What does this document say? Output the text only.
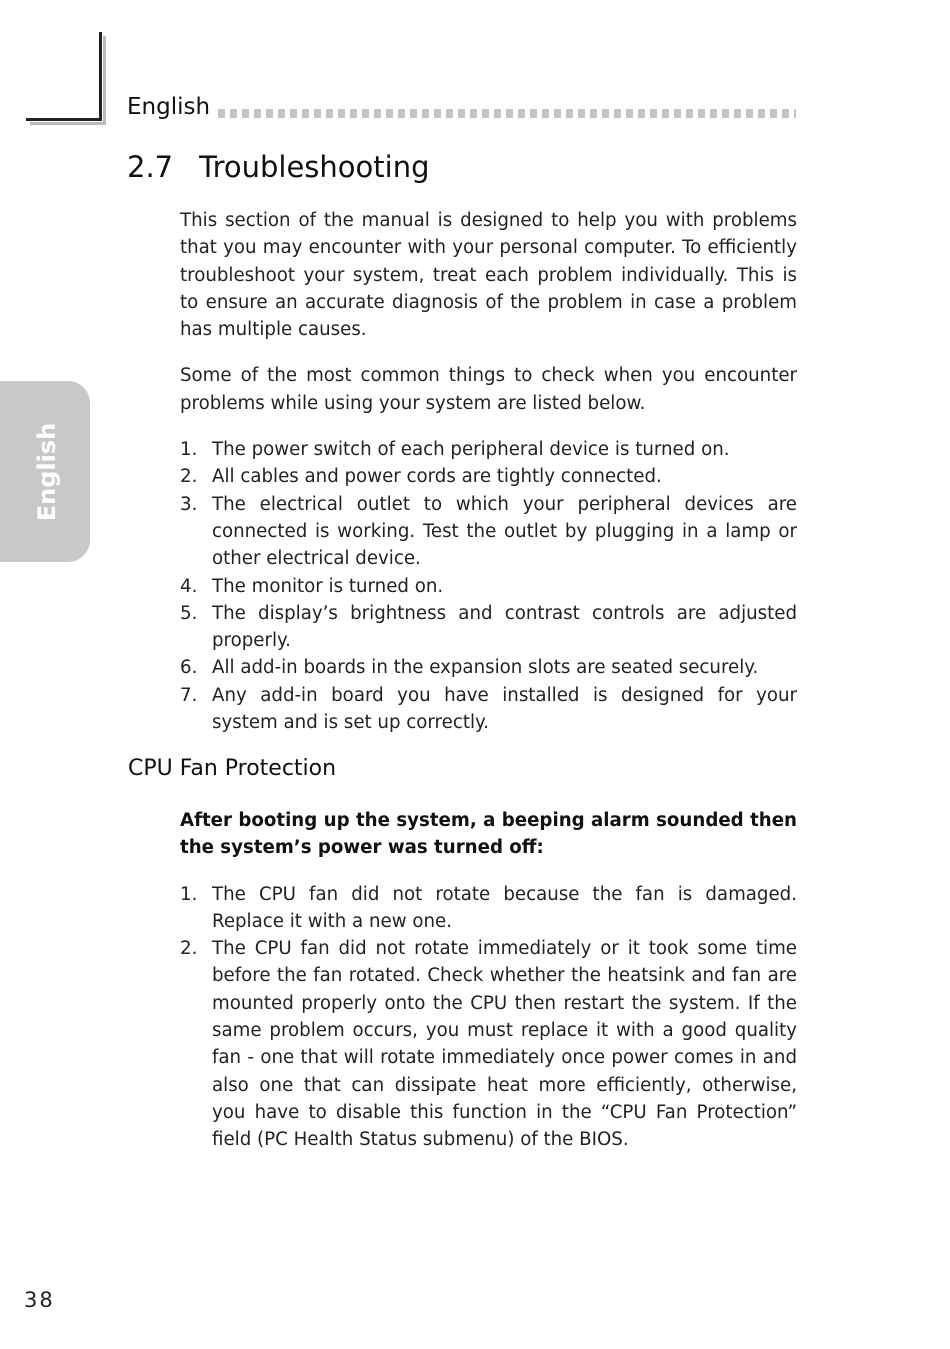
English
English
2.7 Troubleshooting

This section of the manual is designed to help you with problems that you may encounter with your personal computer. To efficiently troubleshoot your system, treat each problem individually. This is to ensure an accurate diagnosis of the problem in case a problem has multiple causes.

Some of the most common things to check when you encounter problems while using your system are listed below.

1. The power switch of each peripheral device is turned on.
2. All cables and power cords are tightly connected.
3. The electrical outlet to which your peripheral devices are connected is working. Test the outlet by plugging in a lamp or other electrical device.
4. The monitor is turned on.
5. The display’s brightness and contrast controls are adjusted properly.
6. All add-in boards in the expansion slots are seated securely.
7. Any add-in board you have installed is designed for your system and is set up correctly.
CPU Fan Protection

After booting up the system, a beeping alarm sounded then the system’s power was turned off:

1. The CPU fan did not rotate because the fan is damaged. Replace it with a new one.
2. The CPU fan did not rotate immediately or it took some time before the fan rotated. Check whether the heatsink and fan are mounted properly onto the CPU then restart the system. If the same problem occurs, you must replace it with a good quality fan - one that will rotate immediately once power comes in and also one that can dissipate heat more efficiently, otherwise, you have to disable this function in the “CPU Fan Protection” field (PC Health Status submenu) of the BIOS.
38
